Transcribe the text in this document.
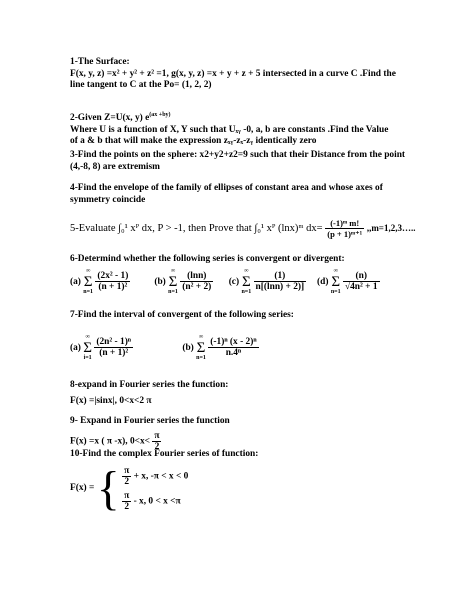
1-The Surface:

F(x, y, z) =x² + y² + z² =1, g(x, y, z) =x + y + z + 5 intersected in a curve C .Find the

line tangent to C at the Po= (1, 2, 2)

2-Given Z=U(x, y) $e^{(ax +by)}$

Where U is a function of X, Y such that Uₓᵧ -0, a, b are constants .Find the Value

of a & b that will make the expression zₓᵧ-zₓ-zᵧ identically zero

3-Find the points on the sphere: x2+y2+z2=9 such that their Distance from the point

(4,-8, 8) are extremism

4-Find the envelope of the family of ellipses of constant area and whose axes of

symmetry coincide

5-Evaluate ∫₀¹ xᴾ dx, P > -1, then Prove that ∫₀¹ xᴾ (lnx)ᵐ $dx= \frac{\text{(-1)ᵐ m!}}{\text{(p + 1)ᵐ⁺¹}}$ ,,m=1,2,3…..

6-Determind whether the following series is convergent or divergent:

(a) ∞
Σ
$n=1 \frac{\text{(2x² - 1)}}{\text{(n + 1)²}}$	(b) ∞
Σ
$n=1 \frac{(\ln n)}{\text{(n² + 2)}} (c)$ ∞
Σ
$n=1 \frac{(1)}{n[(\ln n) + 2)]} (d)$ ∞
Σ
$n=1 \frac{(n)}{\text{√4n² + 1}}$

7-Find the interval of convergent of the following series:

(a) ∞
Σ
$i=1 \frac{\text{(2n² - 1)ⁿ}}{\text{(n + 1)²}}$	(b) ∞
Σ
$n=1 \frac{\text{(-1)ⁿ (x - 2)ⁿ}}{\text{n.4ⁿ}}$

8-expand in Fourier series the function:

F(x) =|sinx|, 0<x<2 π

9- Expand in Fourier series the function

F(x) =x ( π -x), $0<x< \frac{\pi}{2}$

10-Find the complex Fourier series of function:

F(x) = { $\frac{\pi}{2} + x$, -π < x < 0
$\frac{\pi}{2}$ - x, 0 < x <π
